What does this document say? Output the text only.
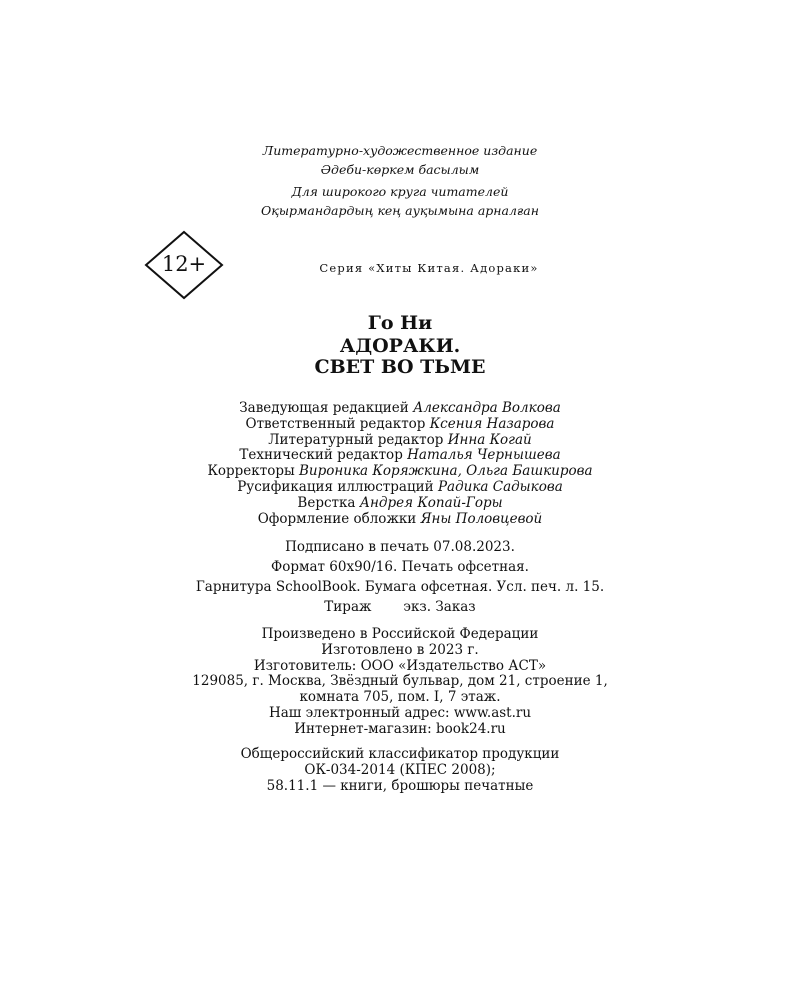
Литературно-художественное издание
Әдеби-көркем басылым
Для широкого круга читателей
Оқырмандардың кең ауқымына арналған
12+	Серия «Хиты Китая. Адораки»
Го Ни
АДОРАКИ.
СВЕТ ВО ТЬМЕ
Заведующая редакцией Александра Волкова
Ответственный редактор Ксения Назарова
Литературный редактор Инна Когай
Технический редактор Наталья Чернышева
Корректоры Вироника Коряжкина, Ольга Башкирова
Русификация иллюстраций Радика Садыкова
Верстка Андрея Копай-Горы
Оформление обложки Яны Половцевой
Подписано в печать 07.08.2023.
Формат 60x90/16. Печать офсетная.
Гарнитура SchoolBook. Бумага офсетная. Усл. печ. л. 15.
Тираж экз. Заказ
Произведено в Российской Федерации
Изготовлено в 2023 г.
Изготовитель: ООО «Издательство АСТ»
129085, г. Москва, Звёздный бульвар, дом 21, строение 1,
комната 705, пом. I, 7 этаж.
Наш электронный адрес: www.ast.ru
Интернет-магазин: book24.ru
Общероссийский классификатор продукции
ОК-034-2014 (КПЕС 2008);
58.11.1 — книги, брошюры печатные
